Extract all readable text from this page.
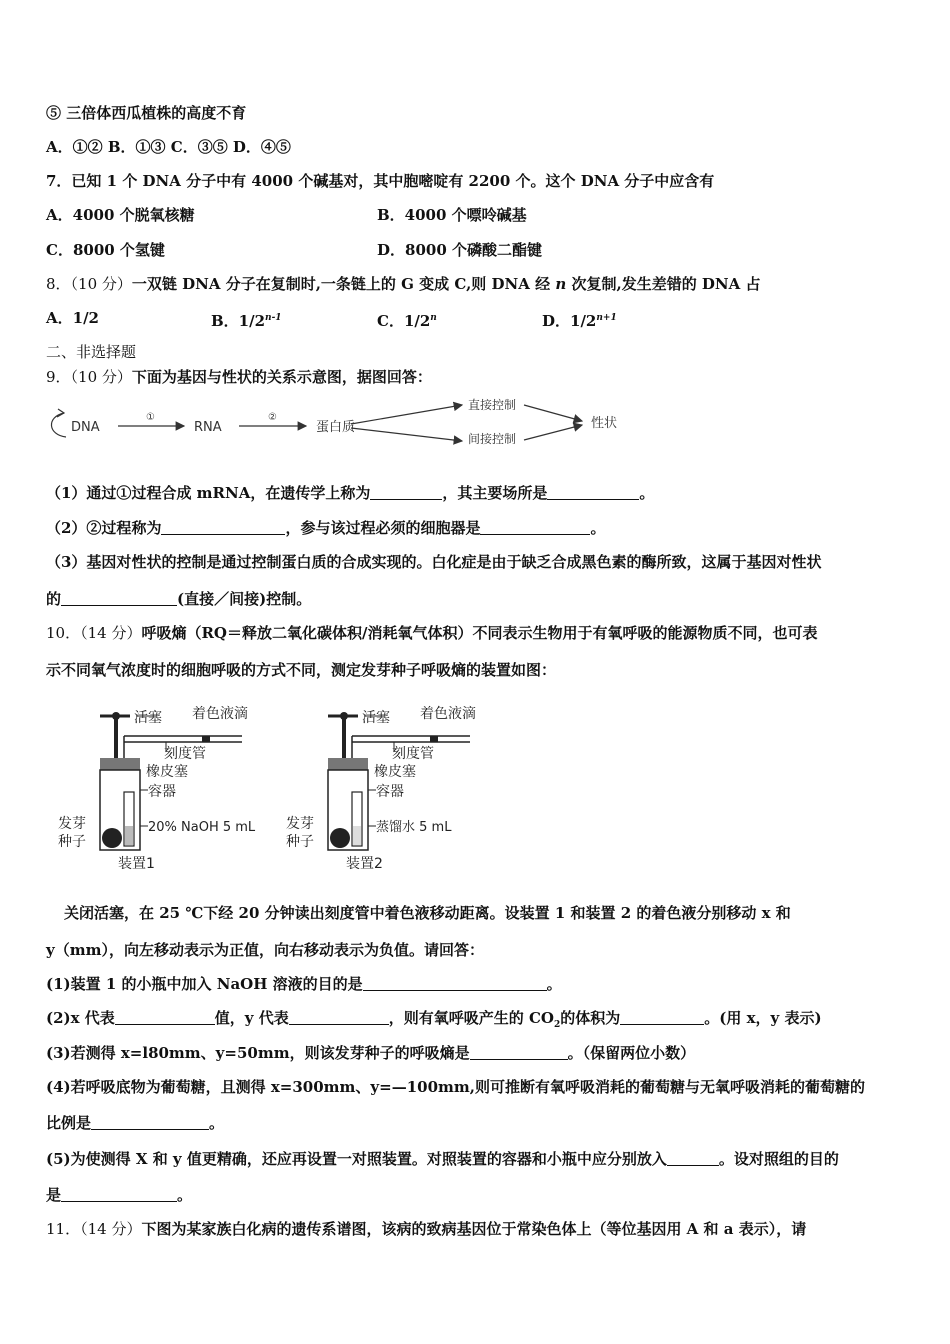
⑤ 三倍体西瓜植株的高度不育
A．①② B．①③ C．③⑤ D．④⑤
7．已知 1 个 DNA 分子中有 4000 个碱基对，其中胞嘧啶有 2200 个。这个 DNA 分子中应含有
A．4000 个脱氧核糖	B．4000 个嘌呤碱基
C．8000 个氢键	D．8000 个磷酸二酯键
8．（10 分）一双链 DNA 分子在复制时,一条链上的 G 变成 C,则 DNA 经 n 次复制,发生差错的 DNA 占
A．1/2	B．1/2$^{n-1}$	C．1/2$^n$	D．$1/2^{n+1}$
二、非选择题
9．（10 分）下面为基因与性状的关系示意图，据图回答：
DNA
①
RNA
②
蛋白质
直接控制
间接控制
性状
（1）通过①过程合成 mRNA，在遗传学上称为	，其主要场所是	。
（2）②过程称为	，参与该过程必须的细胞器是	。
（3）基因对性状的控制是通过控制蛋白质的合成实现的。白化症是由于缺乏合成黑色素的酶所致，这属于基因对性状
的	(直接／间接)控制。
10．（14 分）呼吸熵（RQ＝释放二氧化碳体积/消耗氧气体积）不同表示生物用于有氧呼吸的能源物质不同，也可表
示不同氧气浓度时的细胞呼吸的方式不同，测定发芽种子呼吸熵的装置如图：
活塞 着色液滴
刻度管
橡皮塞
容器
发芽
种子
20% NaOH 5 mL
装置1
活塞 着色液滴
刻度管
橡皮塞
容器
发芽
种子
蒸馏水 5 mL
装置2
关闭活塞，在 25 ℃下经 20 分钟读出刻度管中着色液移动距离。设装置 1 和装置 2 的着色液分别移动 x 和
y（mm），向左移动表示为正值，向右移动表示为负值。请回答：
(1)装置 1 的小瓶中加入 NaOH 溶液的目的是	。
(2)x 代表	值，y 代表	，则有氧呼吸产生的 $CO_2$的体积为	。(用 x，y 表示)
(3)若测得 x=l80mm、y=50mm，则该发芽种子的呼吸熵是	。（保留两位小数）
(4)若呼吸底物为葡萄糖，且测得 x=300mm、y=—100mm,则可推断有氧呼吸消耗的葡萄糖与无氧呼吸消耗的葡萄糖的
比例是	。
(5)为使测得 X 和 y 值更精确，还应再设置一对照装置。对照装置的容器和小瓶中应分别放入	。设对照组的目的
是	。
11．（14 分）下图为某家族白化病的遗传系谱图，该病的致病基因位于常染色体上（等位基因用 A 和 a 表示），请
